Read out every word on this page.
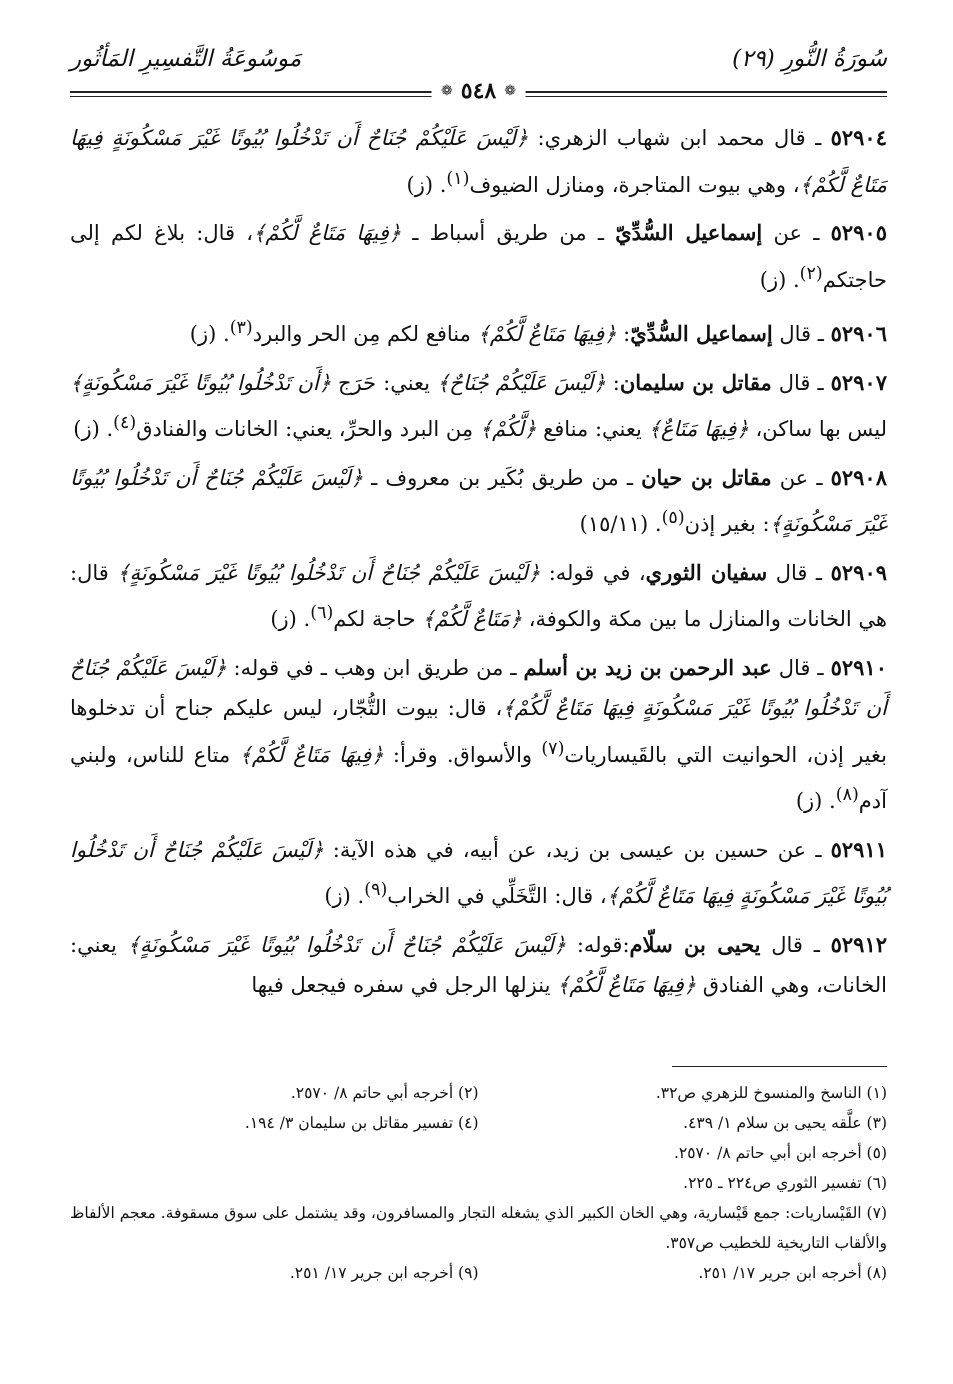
سُورَةُ النُّورِ (٢٩)
مَوسُوعَةُ التَّفسِيرِ المَأثُور
❁ ٥٤٨ ❁

٥٢٩٠٤ ـ قال محمد ابن شهاب الزهري: ﴿لَيْسَ عَلَيْكُمْ جُنَاحٌ أَن تَدْخُلُوا بُيُوتًا غَيْرَ مَسْكُونَةٍ فِيهَا مَتَاعٌ لَّكُمْ﴾، وهي بيوت المتاجرة، ومنازل الضيوف$^{(١)}$. (ز)

٥٢٩٠٥ ـ عن إسماعيل السُّدِّيّ ـ من طريق أسباط ـ ﴿فِيهَا مَتَاعٌ لَّكُمْ﴾، قال: بلاغ لكم إلى حاجتكم$^{(٢)}$. (ز)

٥٢٩٠٦ ـ قال إسماعيل السُّدِّيّ: ﴿فِيهَا مَتَاعٌ لَّكُمْ﴾ منافع لكم مِن الحر والبرد$^{(٣)}$. (ز)

٥٢٩٠٧ ـ قال مقاتل بن سليمان: ﴿لَيْسَ عَلَيْكُمْ جُنَاحٌ﴾ يعني: حَرَج ﴿أَن تَدْخُلُوا بُيُوتًا غَيْرَ مَسْكُونَةٍ﴾ ليس بها ساكن، ﴿فِيهَا مَتَاعٌ﴾ يعني: منافع ﴿لَّكُمْ﴾ مِن البرد والحرِّ، يعني: الخانات والفنادق$^{(٤)}$. (ز)

٥٢٩٠٨ ـ عن مقاتل بن حيان ـ من طريق بُكَير بن معروف ـ ﴿لَيْسَ عَلَيْكُمْ جُنَاحٌ أَن تَدْخُلُوا بُيُوتًا غَيْرَ مَسْكُونَةٍ﴾: بغير إذن$^{(٥)}$. (١٥/١١)

٥٢٩٠٩ ـ قال سفيان الثوري، في قوله: ﴿لَيْسَ عَلَيْكُمْ جُنَاحٌ أَن تَدْخُلُوا بُيُوتًا غَيْرَ مَسْكُونَةٍ﴾ قال: هي الخانات والمنازل ما بين مكة والكوفة، ﴿مَتَاعٌ لَّكُمْ﴾ حاجة لكم$^{(٦)}$. (ز)

٥٢٩١٠ ـ قال عبد الرحمن بن زيد بن أسلم ـ من طريق ابن وهب ـ في قوله: ﴿لَيْسَ عَلَيْكُمْ جُنَاحٌ أَن تَدْخُلُوا بُيُوتًا غَيْرَ مَسْكُونَةٍ فِيهَا مَتَاعٌ لَّكُمْ﴾، قال: بيوت التُّجّار، ليس عليكم جناح أن تدخلوها بغير إذن، الحوانيت التي بالقَيساريات$^{(٧)}$ والأسواق. وقرأ: ﴿فِيهَا مَتَاعٌ لَّكُمْ﴾ متاع للناس، ولبني آدم$^{(٨)}$. (ز)

٥٢٩١١ ـ عن حسين بن عيسى بن زيد، عن أبيه، في هذه الآية: ﴿لَيْسَ عَلَيْكُمْ جُنَاحٌ أَن تَدْخُلُوا بُيُوتًا غَيْرَ مَسْكُونَةٍ فِيهَا مَتَاعٌ لَّكُمْ﴾، قال: التَّخَلِّي في الخراب$^{(٩)}$. (ز)

٥٢٩١٢ ـ قال يحيى بن سلّام:قوله: ﴿لَيْسَ عَلَيْكُمْ جُنَاحٌ أَن تَدْخُلُوا بُيُوتًا غَيْرَ مَسْكُونَةٍ﴾ يعني: الخانات، وهي الفنادق ﴿فِيهَا مَتَاعٌ لَّكُمْ﴾ ينزلها الرجل في سفره فيجعل فيها

(١) الناسخ والمنسوخ للزهري ص٣٢.
(٢) أخرجه أبي حاتم ٨/ ٢٥٧٠.
(٣) علَّقه يحيى بن سلام ١/ ٤٣٩.
(٤) تفسير مقاتل بن سليمان ٣/ ١٩٤.
(٥) أخرجه ابن أبي حاتم ٨/ ٢٥٧٠.
(٦) تفسير الثوري ص٢٢٤ ـ ٢٢٥.
(٧) القَيْساريات: جمع قَيْسارية، وهي الخان الكبير الذي يشغله التجار والمسافرون، وقد يشتمل على سوق مسقوفة. معجم الألفاظ والألقاب التاريخية للخطيب ص٣٥٧.
(٨) أخرجه ابن جرير ١٧/ ٢٥١.
(٩) أخرجه ابن جرير ١٧/ ٢٥١.
